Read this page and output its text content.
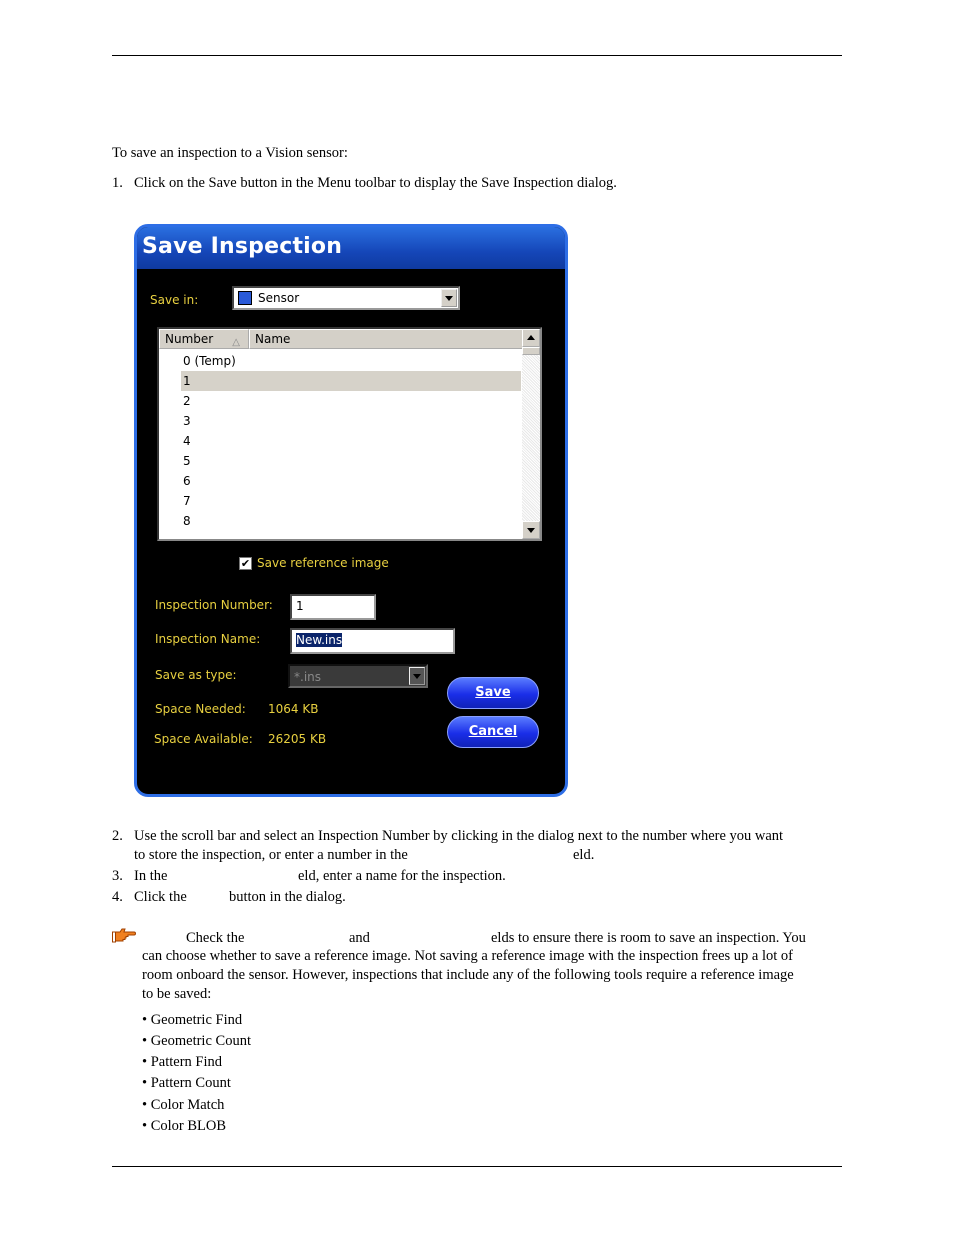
To save an inspection to a Vision sensor:
1. Click on the Save button in the Menu toolbar to display the Save Inspection dialog.
Save Inspection
Save in:	Sensor
Number △	Name
0 (Temp)
1
2
3
4
5
6
7
8
✔ Save reference image
Inspection Number:	1
Inspection Name:	New.ins
Save as type:	*.ins
Space Needed: 1064 KB
Space Available: 26205 KB
Save
Cancel
2. Use the scroll bar and select an Inspection Number by clicking in the dialog next to the number where you want
to store the inspection, or enter a number in the	eld.
3. In the	eld, enter a name for the inspection.
4. Click the	button in the dialog.
Check the	and	elds to ensure there is room to save an inspection. You
can choose whether to save a reference image. Not saving a reference image with the inspection frees up a lot of
room onboard the sensor. However, inspections that include any of the following tools require a reference image
to be saved:
• Geometric Find
• Geometric Count
• Pattern Find
• Pattern Count
• Color Match
• Color BLOB
